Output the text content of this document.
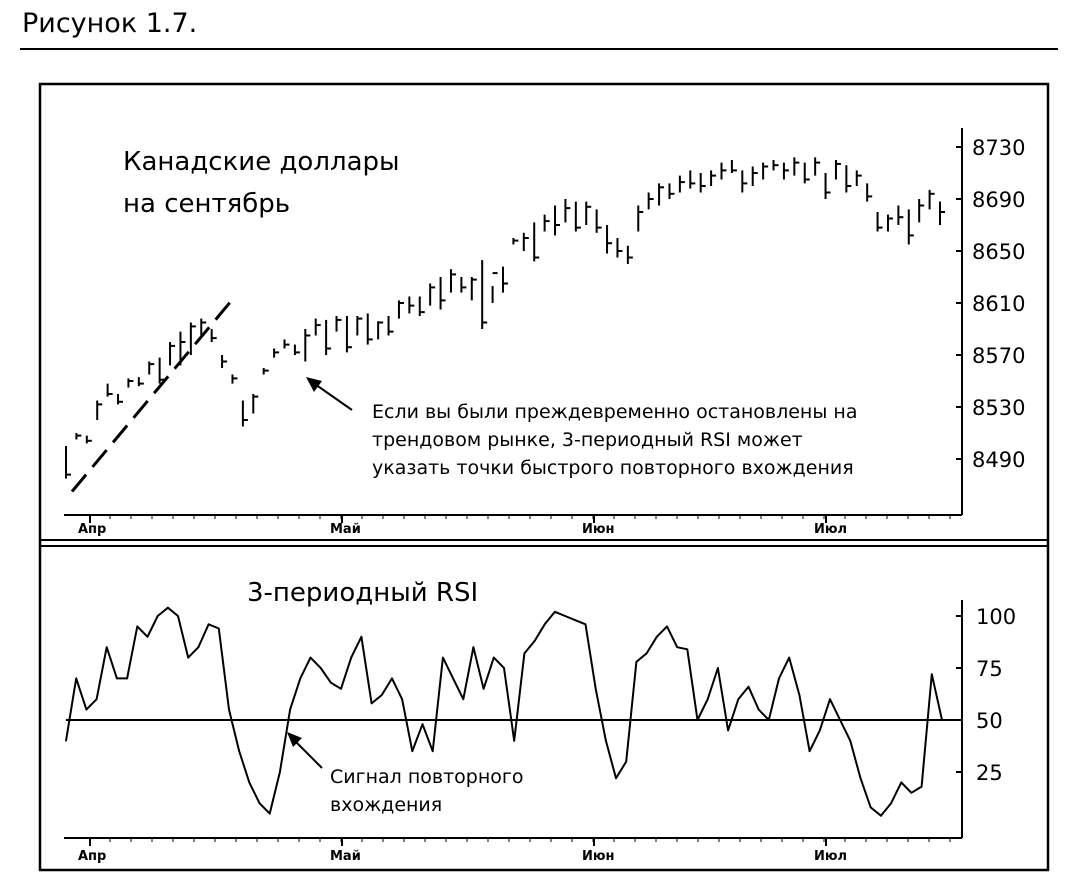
Рисунок 1.7.
8730
8690
8650
8610
8570
8530
8490
Апр	Май	Июн	Июл
100
75
50
25
Апр	Май	Июн	Июл
Канадские доллары
на сентябрь
Если вы были преждевременно остановлены на
трендовом рынке, 3-периодный RSI может
указать точки быстрого повторного вхождения
3-периодный RSI
Сигнал повторного
вхождения
